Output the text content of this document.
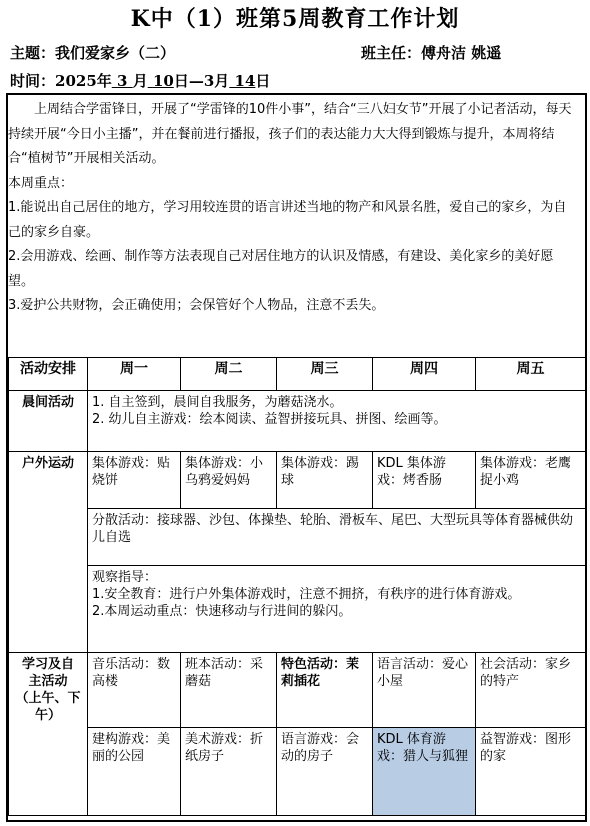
K中（1）班第5周教育工作计划
主题：我们爱家乡（二）	班主任：傅舟洁 姚遥
时间：2025年 3 月 10日—3月 14日

上周结合学雷锋日，开展了“学雷锋的10件小事”，结合“三八妇女节”开展了小记者活动，每天持续开展“今日小主播”，并在餐前进行播报，孩子们的表达能力大大得到锻炼与提升，本周将结合“植树节”开展相关活动。

本周重点：

1.能说出自己居住的地方，学习用较连贯的语言讲述当地的物产和风景名胜，爱自己的家乡，为自己的家乡自豪。

2.会用游戏、绘画、制作等方法表现自己对居住地方的认识及情感，有建设、美化家乡的美好愿望。

3.爱护公共财物，会正确使用；会保管好个人物品，注意不丢失。

活动安排	周一	周二	周三	周四	周五
晨间活动	1. 自主签到，晨间自我服务，为蘑菇浇水。
2. 幼儿自主游戏：绘本阅读、益智拼接玩具、拼图、绘画等。				

户外运动	集体游戏：贴烧饼	集体游戏：小乌鸦爱妈妈	集体游戏：踢球	KDL 集体游戏：烤香肠	集体游戏：老鹰捉小鸡
	分散活动：接球器、沙包、体操垫、轮胎、滑板车、尾巴、大型玩具等体育器械供幼儿自选				

	观察指导：
1.安全教育：进行户外集体游戏时，注意不拥挤，有秩序的进行体育游戏。
2.本周运动重点：快速移动与行进间的躲闪。				

学习及自
主活动
（上午、下
午）	音乐活动：数高楼	班本活动：采蘑菇	特色活动：茉莉插花	语言活动：爱心小屋	社会活动：家乡的特产
	建构游戏：美丽的公园	美术游戏：折纸房子	语言游戏：会动的房子	KDL 体育游戏：猎人与狐狸	益智游戏：图形的家
